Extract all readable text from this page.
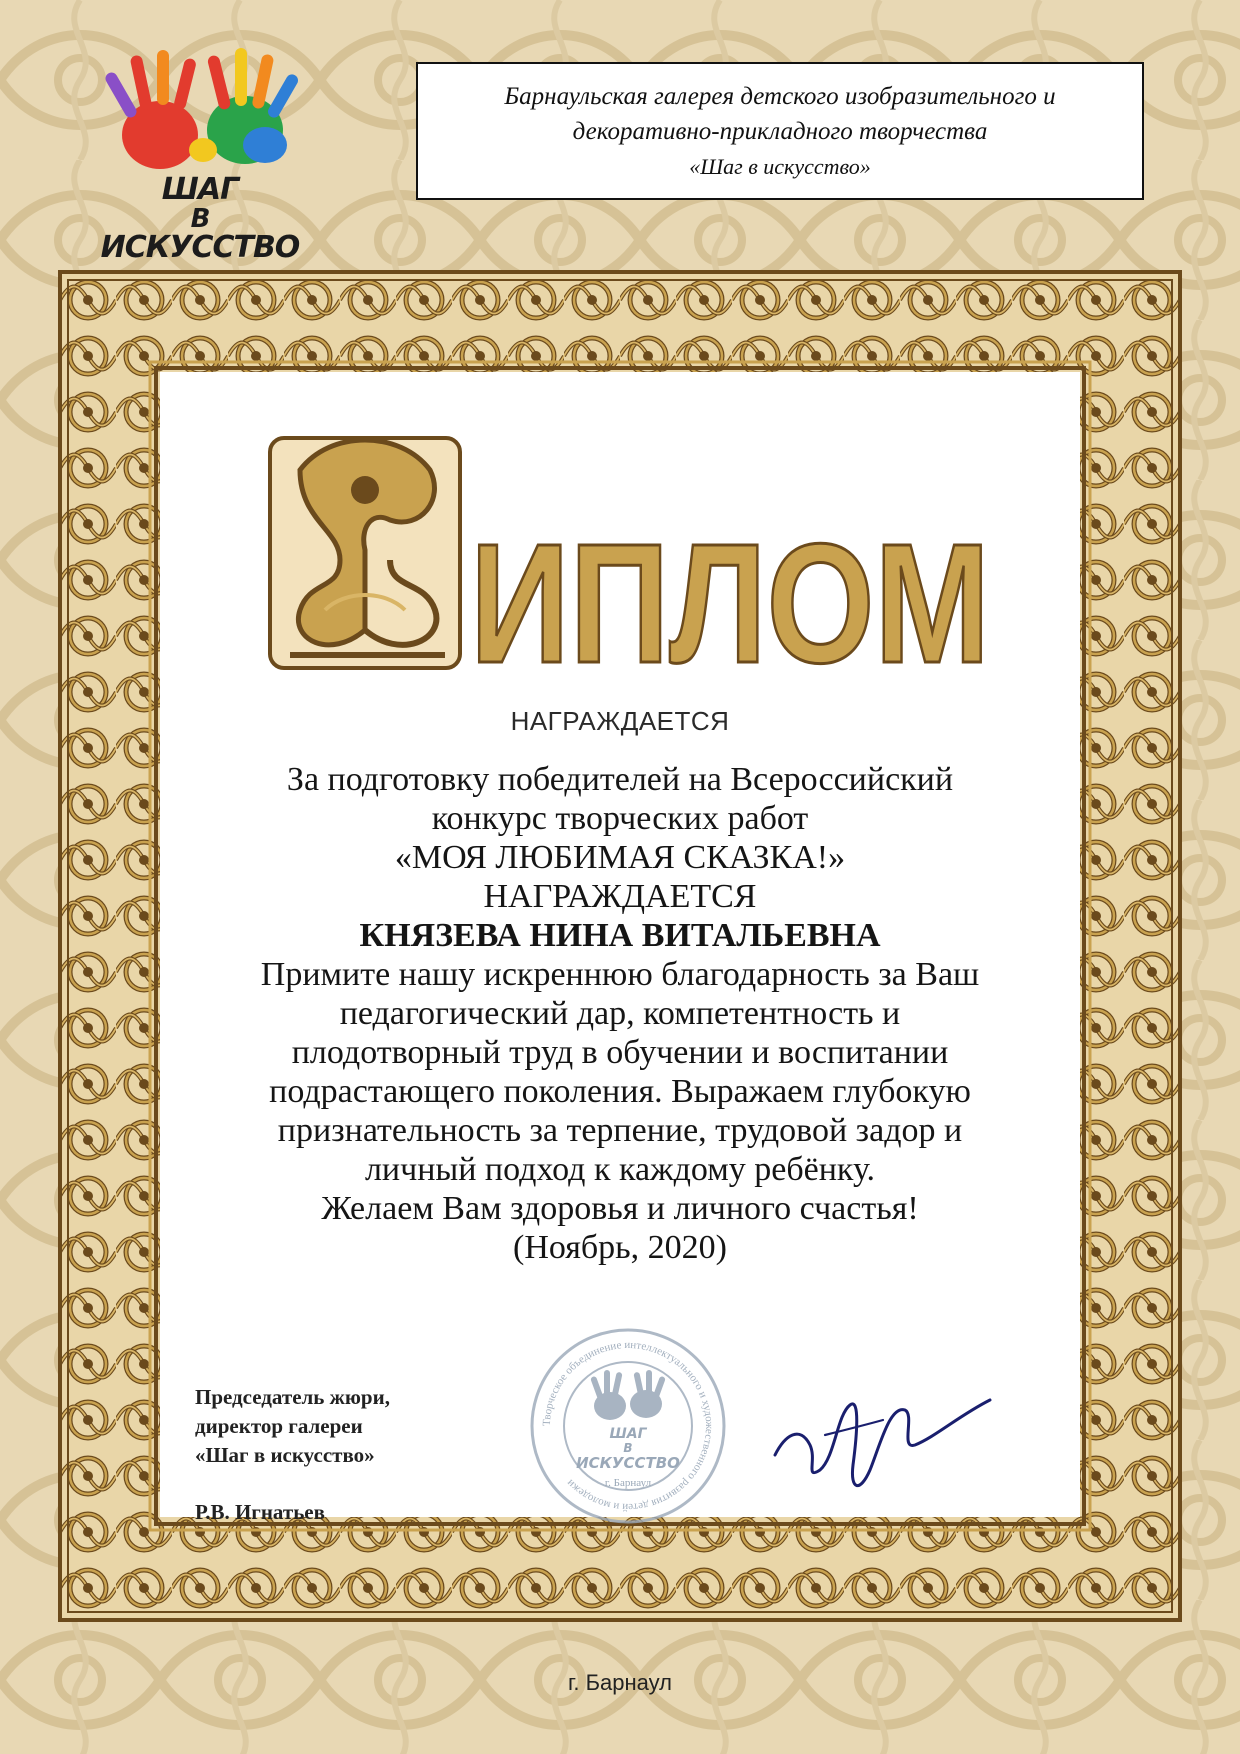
ШАГ
В
ИСКУССТВО
Барнаульская галерея детского изобразительного и
декоративно-прикладного творчества
«Шаг в искусство»
ИПЛОМ
НАГРАЖДАЕТСЯ
За подготовку победителей на Всероссийский
конкурс творческих работ
«МОЯ ЛЮБИМАЯ СКАЗКА!»
НАГРАЖДАЕТСЯ
КНЯЗЕВА НИНА ВИТАЛЬЕВНА
Примите нашу искреннюю благодарность за Ваш
педагогический дар, компетентность и
плодотворный труд в обучении и воспитании
подрастающего поколения. Выражаем глубокую
признательность за терпение, трудовой задор и
личный подход к каждому ребёнку.
Желаем Вам здоровья и личного счастья!
(Ноябрь, 2020)
Председатель жюри,
директор галереи
«Шаг в искусство»
Р.В. Игнатьев
Творческое объединение интеллектуального и художественного развития детей и молодежи
ШАГ
В
ИСКУССТВО
г. Барнаул
г. Барнаул
